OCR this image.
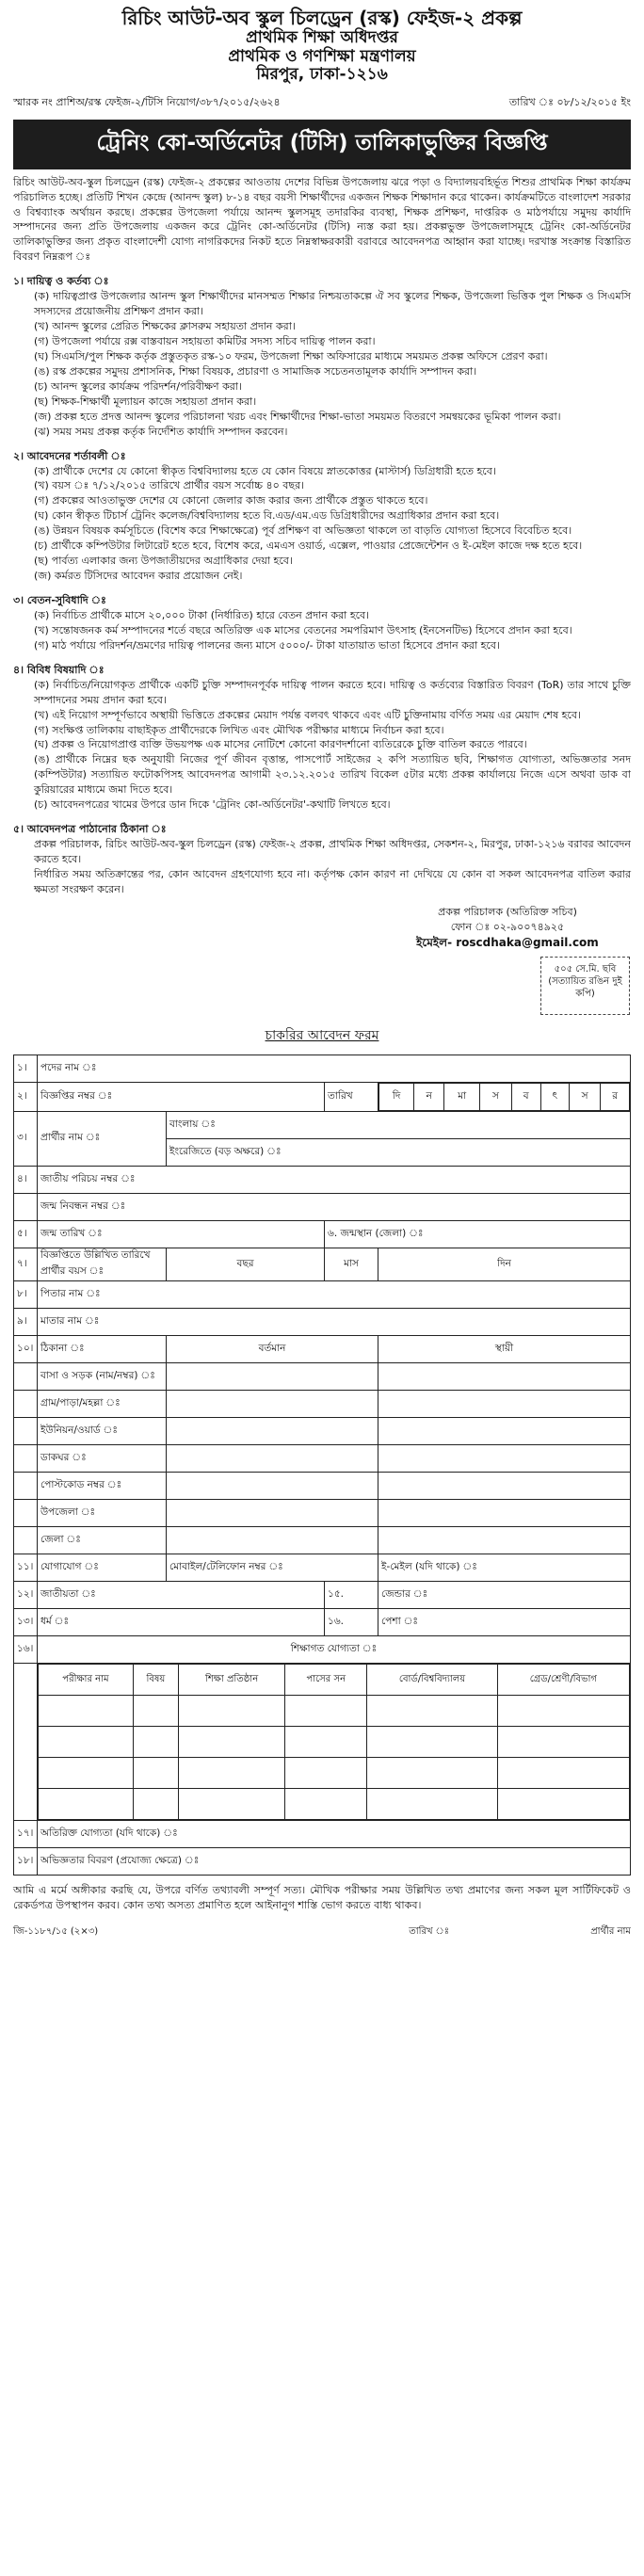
রিচিং আউট-অব স্কুল চিলড্রেন (রস্ক) ফেইজ-২ প্রকল্প
প্রাথমিক শিক্ষা অধিদপ্তর
প্রাথমিক ও গণশিক্ষা মন্ত্রণালয়
মিরপুর, ঢাকা-১২১৬
স্মারক নং প্রাশিঅ/রস্ক ফেইজ-২/টিসি নিয়োগ/৩৮৭/২০১৫/২৬২৪	তারিখ ঃ ০৮/১২/২০১৫ ইং
ট্রেনিং কো-অর্ডিনেটর (টিসি) তালিকাভুক্তির বিজ্ঞপ্তি
রিচিং আউট-অব-স্কুল চিলড্রেন (রস্ক) ফেইজ-২ প্রকল্পের আওতায় দেশের বিভিন্ন উপজেলায় ঝরে পড়া ও বিদ্যালয়বহির্ভূত শিশুর প্রাথমিক শিক্ষা কার্যক্রম পরিচালিত হচ্ছে। প্রতিটি শিখন কেন্দ্রে (আনন্দ স্কুল) ৮-১৪ বছর বয়সী শিক্ষার্থীদের একজন শিক্ষক শিক্ষাদান করে থাকেন। কার্যক্রমটিতে বাংলাদেশ সরকার ও বিশ্বব্যাংক অর্থায়ন করছে। প্রকল্পের উপজেলা পর্যায়ে আনন্দ স্কুলসমূহ তদারকির ব্যবস্থা, শিক্ষক প্রশিক্ষণ, দাপ্তরিক ও মাঠপর্যায়ে সমুদয় কার্যাদি সম্পাদনের জন্য প্রতি উপজেলায় একজন করে ট্রেনিং কো-অর্ডিনেটর (টিসি) ন্যস্ত করা হয়। প্রকল্পভুক্ত উপজেলাসমূহে ট্রেনিং কো-অর্ডিনেটর তালিকাভুক্তির জন্য প্রকৃত বাংলাদেশী যোগ্য নাগরিকদের নিকট হতে নিম্নস্বাক্ষরকারী বরাবরে আবেদনপত্র আহ্বান করা যাচ্ছে। দরখাস্ত সংক্রান্ত বিস্তারিত বিবরণ নিম্নরূপ ঃ
১। দায়িত্ব ও কর্তব্য ঃ
(ক) দায়িত্বপ্রাপ্ত উপজেলার আনন্দ স্কুল শিক্ষার্থীদের মানসম্মত শিক্ষার নিশ্চয়তাকল্পে ঐ সব স্কুলের শিক্ষক, উপজেলা ভিত্তিক পুল শিক্ষক ও সিএমসি সদস্যদের প্রয়োজনীয় প্রশিক্ষণ প্রদান করা।
(খ) আনন্দ স্কুলের প্রেরিত শিক্ষকের ক্লাসরুম সহায়তা প্রদান করা।
(গ) উপজেলা পর্যায়ে রক্স বাস্তবায়ন সহায়তা কমিটির সদস্য সচিব দায়িত্ব পালন করা।
(ঘ) সিএমসি/পুল শিক্ষক কর্তৃক প্রস্তুতকৃত রস্ক-১০ ফরম, উপজেলা শিক্ষা অফিসারের মাধ্যমে সময়মত প্রকল্প অফিসে প্রেরণ করা।
(ঙ) রস্ক প্রকল্পের সমুদয় প্রশাসনিক, শিক্ষা বিষয়ক, প্রচারণা ও সামাজিক সচেতনতামূলক কার্যাদি সম্পাদন করা।
(চ) আনন্দ স্কুলের কার্যক্রম পরিদর্শন/পরিবীক্ষণ করা।
(ছ) শিক্ষক-শিক্ষার্থী মূল্যায়ন কাজে সহায়তা প্রদান করা।
(জ) প্রকল্প হতে প্রদত্ত আনন্দ স্কুলের পরিচালনা খরচ এবং শিক্ষার্থীদের শিক্ষা-ভাতা সময়মত বিতরণে সমন্বয়কের ভূমিকা পালন করা।
(ঝ) সময় সময় প্রকল্প কর্তৃক নির্দেশিত কার্যাদি সম্পাদন করবেন।
২। আবেদনের শর্তাবলী ঃ
(ক) প্রার্থীকে দেশের যে কোনো স্বীকৃত বিশ্ববিদ্যালয় হতে যে কোন বিষয়ে স্নাতকোত্তর (মাস্টার্স) ডিগ্রিধারী হতে হবে।
(খ) বয়স ঃ ৭/১২/২০১৫ তারিখে প্রার্থীর বয়স সর্বোচ্চ ৪০ বছর।
(গ) প্রকল্পের আওতাভুক্ত দেশের যে কোনো জেলার কাজ করার জন্য প্রার্থীকে প্রস্তুত থাকতে হবে।
(ঘ) কোন স্বীকৃত টিচার্স ট্রেনিং কলেজ/বিশ্ববিদ্যালয় হতে বি.এড/এম.এড ডিগ্রিধারীদের অগ্রাধিকার প্রদান করা হবে।
(ঙ) উন্নয়ন বিষয়ক কর্মসূচিতে (বিশেষ করে শিক্ষাক্ষেত্রে) পূর্ব প্রশিক্ষণ বা অভিজ্ঞতা থাকলে তা বাড়তি যোগ্যতা হিসেবে বিবেচিত হবে।
(চ) প্রার্থীকে কম্পিউটার লিটারেট হতে হবে, বিশেষ করে, এমএস ওয়ার্ড, এক্সেল, পাওয়ার প্রেজেন্টেশন ও ই-মেইল কাজে দক্ষ হতে হবে।
(ছ) পার্বত্য এলাকার জন্য উপজাতীয়দের অগ্রাধিকার দেয়া হবে।
(জ) কর্মরত টিসিদের আবেদন করার প্রয়োজন নেই।
৩। বেতন-সুবিধাদি ঃ
(ক) নির্বাচিত প্রার্থীকে মাসে ২০,০০০ টাকা (নির্ধারিত) হারে বেতন প্রদান করা হবে।
(খ) সন্তোষজনক কর্ম সম্পাদনের শর্তে বছরে অতিরিক্ত এক মাসের বেতনের সমপরিমাণ উৎসাহ (ইনসেনটিভ) হিসেবে প্রদান করা হবে।
(গ) মাঠ পর্যায়ে পরিদর্শন/ভ্রমণের দায়িত্ব পালনের জন্য মাসে ৫০০০/- টাকা যাতায়াত ভাতা হিসেবে প্রদান করা হবে।
৪। বিবিধ বিষয়াদি ঃ
(ক) নির্বাচিত/নিয়োগকৃত প্রার্থীকে একটি চুক্তি সম্পাদনপূর্বক দায়িত্ব পালন করতে হবে। দায়িত্ব ও কর্তব্যের বিস্তারিত বিবরণ (ToR) তার সাথে চুক্তি সম্পাদনের সময় প্রদান করা হবে।
(খ) এই নিয়োগ সম্পূর্ণভাবে অস্থায়ী ভিত্তিতে প্রকল্পের মেয়াদ পর্যন্ত বলবৎ থাকবে এবং এটি চুক্তিনামায় বর্ণিত সময় এর মেয়াদ শেষ হবে।
(গ) সংক্ষিপ্ত তালিকায় বাছাইকৃত প্রার্থীদেরকে লিখিত এবং মৌখিক পরীক্ষার মাধ্যমে নির্বাচন করা হবে।
(ঘ) প্রকল্প ও নিয়োগপ্রাপ্ত ব্যক্তি উভয়পক্ষ এক মাসের নোটিশে কোনো কারণদর্শানো ব্যতিরেকে চুক্তি বাতিল করতে পারবে।
(ঙ) প্রার্থীকে নিম্নের ছক অনুযায়ী নিজের পূর্ণ জীবন বৃত্তান্ত, পাসপোর্ট সাইজের ২ কপি সত্যায়িত ছবি, শিক্ষাগত যোগ্যতা, অভিজ্ঞতার সনদ (কম্পিউটার) সত্যায়িত ফটোকপিসহ আবেদনপত্র আগামী ২৩.১২.২০১৫ তারিখ বিকেল ৫টার মধ্যে প্রকল্প কার্যালয়ে নিজে এসে অথবা ডাক বা কুরিয়ারের মাধ্যমে জমা দিতে হবে।
(চ) আবেদনপত্রের খামের উপরে ডান দিকে 'ট্রেনিং কো-অর্ডিনেটর'-কথাটি লিখতে হবে।
৫। আবেদনপত্র পাঠানোর ঠিকানা ঃ
প্রকল্প পরিচালক, রিচিং আউট-অব-স্কুল চিলড্রেন (রস্ক) ফেইজ-২ প্রকল্প, প্রাথমিক শিক্ষা অধিদপ্তর, সেকশন-২, মিরপুর, ঢাকা-১২১৬ বরাবর আবেদন করতে হবে।
নির্ধারিত সময় অতিক্রান্তের পর, কোন আবেদন গ্রহণযোগ্য হবে না। কর্তৃপক্ষ কোন কারণ না দেখিয়ে যে কোন বা সকল আবেদনপত্র বাতিল করার ক্ষমতা সংরক্ষণ করেন।
প্রকল্প পরিচালক (অতিরিক্ত সচিব)
ফোন ঃ ০২-৯০০৭৪৯২৫
ইমেইল- roscdhaka@gmail.com
৫০৫ সে.মি. ছবি (সত্যায়িত রঙিন দুই কপি)
চাকরির আবেদন ফরম
১।	পদের নাম ঃ
২।	বিজ্ঞপ্তির নম্বর ঃ	তারিখ		দি	ন	মা	স	ব	ৎ	স	র

৩।	প্রার্থীর নাম ঃ	বাংলায় ঃ
ইংরেজিতে (বড় অক্ষরে) ঃ
৪।	জাতীয় পরিচয় নম্বর ঃ
	জন্ম নিবন্ধন নম্বর ঃ
৫।	জন্ম তারিখ ঃ	৬. জন্মস্থান (জেলা) ঃ
৭।	বিজ্ঞপ্তিতে উল্লিখিত তারিখে প্রার্থীর বয়স ঃ	বছর	মাস	দিন
৮।	পিতার নাম ঃ
৯।	মাতার নাম ঃ
১০।	ঠিকানা ঃ	বর্তমান	স্থায়ী
	বাসা ও সড়ক (নাম/নম্বর) ঃ		
	গ্রাম/পাড়া/মহল্লা ঃ		
	ইউনিয়ন/ওয়ার্ড ঃ		
	ডাকঘর ঃ		
	পোস্টকোড নম্বর ঃ		
	উপজেলা ঃ		
	জেলা ঃ		
১১।	যোগাযোগ ঃ	মোবাইল/টেলিফোন নম্বর ঃ	ই-মেইল (যদি থাকে) ঃ
১২।	জাতীয়তা ঃ	১৫.	জেন্ডার ঃ
১৩।	ধর্ম ঃ	১৬.	পেশা ঃ
১৬।	শিক্ষাগত যোগ্যতা ঃ

পরীক্ষার নাম	বিষয়	শিক্ষা প্রতিষ্ঠান	পাসের সন	বোর্ড/বিশ্ববিদ্যালয়	গ্রেড/শ্রেণী/বিভাগ

১৭।	অতিরিক্ত যোগ্যতা (যদি থাকে) ঃ
১৮।	অভিজ্ঞতার বিবরণ (প্রযোজ্য ক্ষেত্রে) ঃ
আমি এ মর্মে অঙ্গীকার করছি যে, উপরে বর্ণিত তথ্যাবলী সম্পূর্ণ সত্য। মৌখিক পরীক্ষার সময় উল্লিখিত তথ্য প্রমাণের জন্য সকল মূল সার্টিফিকেট ও রেকর্ডপত্র উপস্থাপন করব। কোন তথ্য অসত্য প্রমাণিত হলে আইনানুগ শাস্তি ভোগ করতে বাধ্য থাকব।
জি-১১৮৭/১৫ (২×৩)	তারিখ ঃ	প্রার্থীর নাম
